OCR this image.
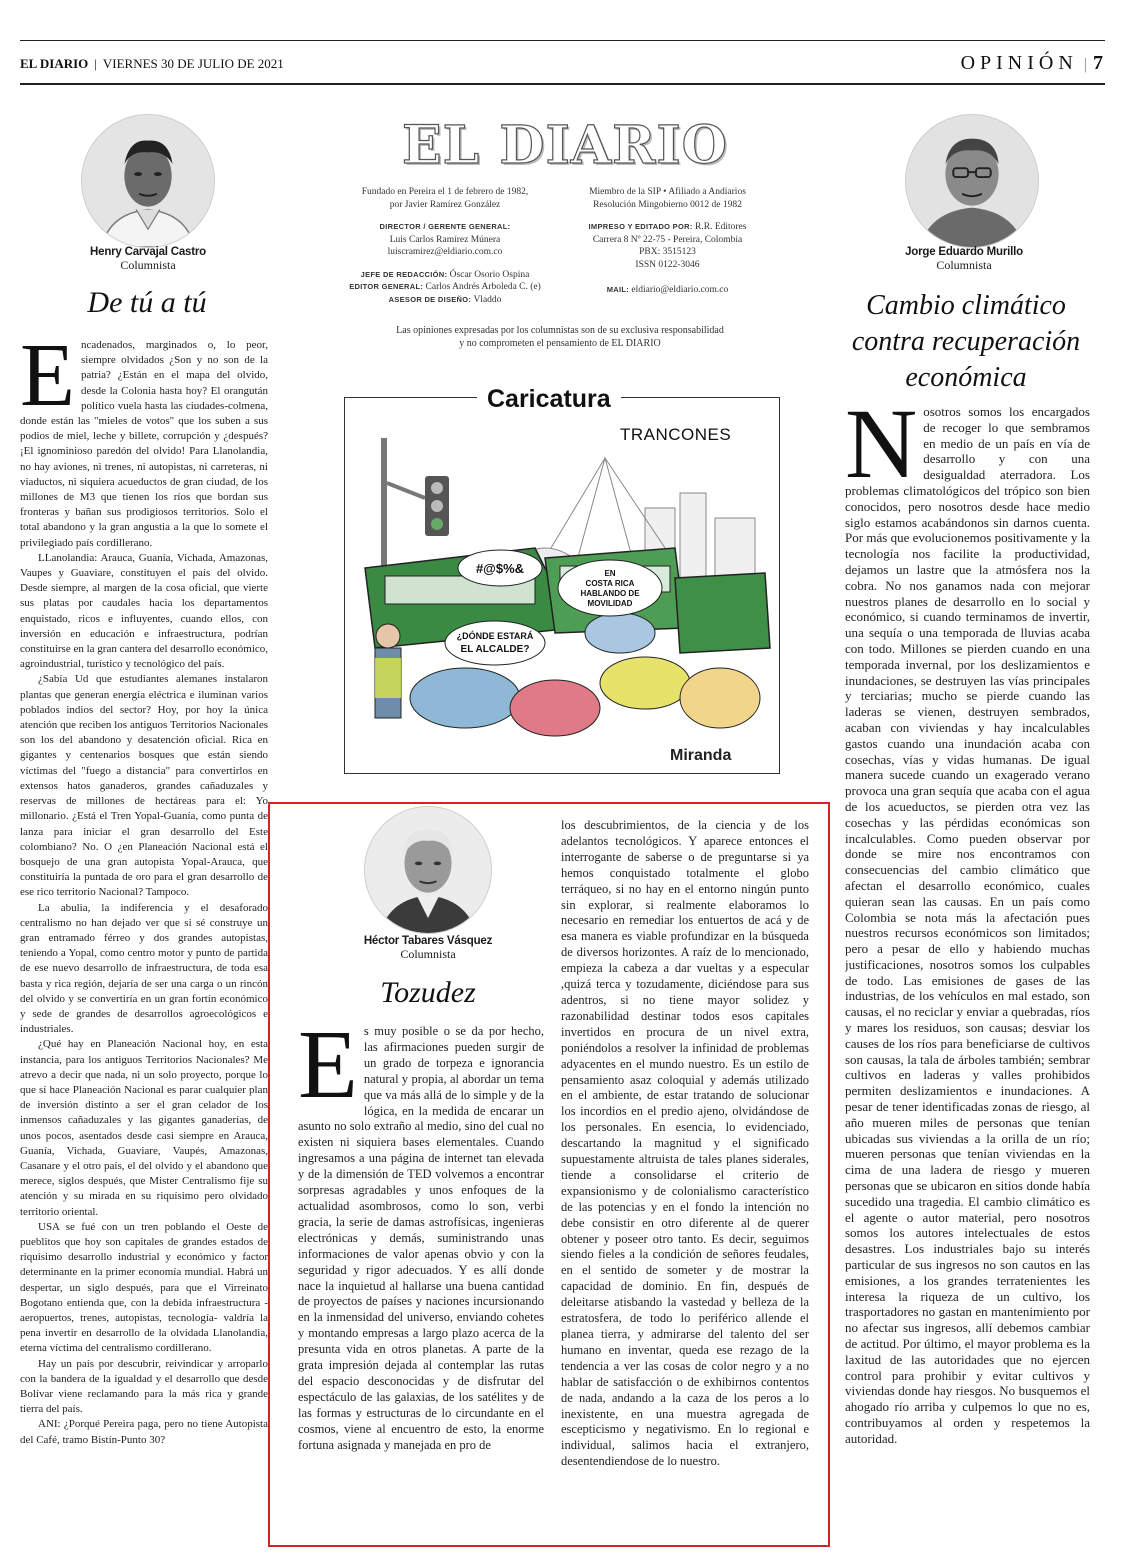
EL DIARIO | VIERNES 30 DE JULIO DE 2021	OPINIÓN | 7
Henry Carvajal Castro
Columnista
De tú a tú
E ncadenados, marginados o, lo peor, siempre olvidados ¿Son y no son de la patria? ¿Están en el mapa del olvido, desde la Colonia hasta hoy? El orangután político vuela hasta las ciudades-colmena, donde están las "mieles de votos" que los suben a sus podios de miel, leche y billete, corrupción y ¿después? ¡El ignominioso paredón del olvido! Para Llanolandia, no hay aviones, ni trenes, ni autopistas, ni carreteras, ni viaductos, ni siquiera acueductos de gran ciudad, de los millones de M3 que tienen los ríos que bordan sus fronteras y bañan sus prodigiosos territorios. Solo el total abandono y la gran angustia a la que lo somete el privilegiado país cordillerano.

LLanolandia: Arauca, Guanía, Vichada, Amazonas, Vaupes y Guaviare, constituyen el país del olvido. Desde siempre, al margen de la cosa oficial, que vierte sus platas por caudales hacia los departamentos enquistado, ricos e influyentes, cuando ellos, con inversión en educación e infraestructura, podrían constituirse en la gran cantera del desarrollo económico, agroindustrial, turístico y tecnológico del país.

¿Sabía Ud que estudiantes alemanes instalaron plantas que generan energía eléctrica e iluminan varios poblados indios del sector? Hoy, por hoy la única atención que reciben los antiguos Territorios Nacionales son los del abandono y desatención oficial. Rica en gigantes y centenarios bosques que están siendo víctimas del "fuego a distancia" para convertirlos en extensos hatos ganaderos, grandes cañaduzales y reservas de millones de hectáreas para el: Yo millonario. ¿Está el Tren Yopal-Guanía, como punta de lanza para iniciar el gran desarrollo del Este colombiano? No. O ¿en Planeación Nacional está el bosquejo de una gran autopista Yopal-Arauca, que constituiría la puntada de oro para el gran desarrollo de ese rico territorio Nacional? Tampoco.

La abulia, la indiferencia y el desaforado centralismo no han dejado ver que si sé construye un gran entramado férreo y dos grandes autopistas, teniendo a Yopal, como centro motor y punto de partida de ese nuevo desarrollo de infraestructura, de toda esa basta y rica región, dejaría de ser una carga o un rincón del olvido y se convertiría en un gran fortín económico y sede de grandes de desarrollos agroecológicos e industriales.

¿Qué hay en Planeación Nacional hoy, en esta instancia, para los antiguos Territorios Nacionales? Me atrevo a decir que nada, ni un solo proyecto, porque lo que sí hace Planeación Nacional es parar cualquier plan de inversión distinto a ser el gran celador de los inmensos cañaduzales y las gigantes ganaderías, de unos pocos, asentados desde casi siempre en Arauca, Guanía, Vichada, Guaviare, Vaupés, Amazonas, Casanare y el otro país, el del olvido y el abandono que merece, siglos después, que Mister Centralismo fije su atención y su mirada en su riquísimo pero olvidado territorio oriental.

USA se fué con un tren poblando el Oeste de pueblitos que hoy son capitales de grandes estados de riquísimo desarrollo industrial y económico y factor determinante en la primer economía mundial. Habrá un despertar, un siglo después, para que el Virreinato Bogotano entienda que, con la debida infraestructura -aeropuertos, trenes, autopistas, tecnología- valdría la pena invertir en desarrollo de la olvidada Llanolandia, eterna víctima del centralismo cordillerano.

Hay un país por descubrir, reivindicar y arroparlo con la bandera de la igualdad y el desarrollo que desde Bolívar viene reclamando para la más rica y grande tierra del país.

ANI: ¿Porqué Pereira paga, pero no tiene Autopista del Café, tramo Bistín-Punto 30?

EL DIARIO
Fundado en Pereira el 1 de febrero de 1982,
por Javier Ramírez González
DIRECTOR / GERENTE GENERAL:
Luis Carlos Ramírez Múnera
luiscramirez@eldiario.com.co
JEFE DE REDACCIÓN: Óscar Osorio Ospina
EDITOR GENERAL: Carlos Andrés Arboleda C. (e)
ASESOR DE DISEÑO: Vladdo
Miembro de la SIP • Afiliado a Andiarios
Resolución Mingobierno 0012 de 1982
IMPRESO Y EDITADO POR: R.R. Editores
Carrera 8 Nº 22-75 - Pereira, Colombia
PBX: 3515123
ISSN 0122-3046
MAIL: eldiario@eldiario.com.co
Las opiniones expresadas por los columnistas son de su exclusiva responsabilidad
y no comprometen el pensamiento de EL DIARIO
#@$%&	EN
COSTA RICA
HABLANDO DE
MOVILIDAD
¿DÓNDE ESTARÁ
EL ALCALDE?
Caricatura
TRANCONES
Miranda
Héctor Tabares Vásquez
Columnista
Tozudez
E s muy posible o se da por hecho, las afirmaciones pueden surgir de un grado de torpeza e ignorancia natural y propia, al abordar un tema que va más allá de lo simple y de la lógica, en la medida de encarar un asunto no solo extraño al medio, sino del cual no existen ni siquiera bases elementales. Cuando ingresamos a una página de internet tan elevada y de la dimensión de TED volvemos a encontrar sorpresas agradables y unos enfoques de la actualidad asombrosos, como lo son, verbi gracia, la serie de damas astrofísicas, ingenieras electrónicas y demás, suministrando unas informaciones de valor apenas obvio y con la seguridad y rigor adecuados. Y es allí donde nace la inquietud al hallarse una buena cantidad de proyectos de países y naciones incursionando en la inmensidad del universo, enviando cohetes y montando empresas a largo plazo acerca de la presunta vida en otros planetas. A parte de la grata impresión dejada al contemplar las rutas del espacio desconocidas y de disfrutar del espectáculo de las galaxias, de los satélites y de las formas y estructuras de lo circundante en el cosmos, viene al encuentro de esto, la enorme fortuna asignada y manejada en pro de

los descubrimientos, de la ciencia y de los adelantos tecnológicos. Y aparece entonces el interrogante de saberse o de preguntarse si ya hemos conquistado totalmente el globo terráqueo, si no hay en el entorno ningún punto sin explorar, si realmente elaboramos lo necesario en remediar los entuertos de acá y de esa manera es viable profundizar en la búsqueda de diversos horizontes. A raíz de lo mencionado, empieza la cabeza a dar vueltas y a especular ,quizá terca y tozudamente, diciéndose para sus adentros, si no tiene mayor solidez y razonabilidad destinar todos esos capitales invertidos en procura de un nivel extra, poniéndolos a resolver la infinidad de problemas adyacentes en el mundo nuestro. Es un estilo de pensamiento asaz coloquial y además utilizado en el ambiente, de estar tratando de solucionar los incordios en el predio ajeno, olvidándose de los personales. En esencia, lo evidenciado, descartando la magnitud y el significado supuestamente altruista de tales planes siderales, tiende a consolidarse el criterio de expansionismo y de colonialismo característico de las potencias y en el fondo la intención no debe consistir en otro diferente al de querer obtener y poseer otro tanto. Es decir, seguimos siendo fieles a la condición de señores feudales, en el sentido de someter y de mostrar la capacidad de dominio. En fin, después de deleitarse atisbando la vastedad y belleza de la estratosfera, de todo lo periférico allende el planea tierra, y admirarse del talento del ser humano en inventar, queda ese rezago de la tendencia a ver las cosas de color negro y a no hablar de satisfacción o de exhibirnos contentos de nada, andando a la caza de los peros a lo inexistente, en una muestra agregada de escepticismo y negativismo. En lo regional e individual, salimos hacia el extranjero, desentendiendose de lo nuestro.

Jorge Eduardo Murillo
Columnista
Cambio climático
contra recuperación
económica
N osotros somos los encargados de recoger lo que sembramos en medio de un país en vía de desarrollo y con una desigualdad aterradora. Los problemas climatológicos del trópico son bien conocidos, pero nosotros desde hace medio siglo estamos acabándonos sin darnos cuenta. Por más que evolucionemos positivamente y la tecnología nos facilite la productividad, dejamos un lastre que la atmósfera nos la cobra. No nos ganamos nada con mejorar nuestros planes de desarrollo en lo social y económico, si cuando terminamos de invertir, una sequía o una temporada de lluvias acaba con todo. Millones se pierden cuando en una temporada invernal, por los deslizamientos e inundaciones, se destruyen las vías principales y terciarias; mucho se pierde cuando las laderas se vienen, destruyen sembrados, acaban con viviendas y hay incalculables gastos cuando una inundación acaba con cosechas, vías y vidas humanas. De igual manera sucede cuando un exagerado verano provoca una gran sequía que acaba con el agua de los acueductos, se pierden otra vez las cosechas y las pérdidas económicas son incalculables. Como pueden observar por donde se mire nos encontramos con consecuencias del cambio climático que afectan el desarrollo económico, cuales quieran sean las causas. En un país como Colombia se nota más la afectación pues nuestros recursos económicos son limitados; pero a pesar de ello y habiendo muchas justificaciones, nosotros somos los culpables de todo. Las emisiones de gases de las industrias, de los vehículos en mal estado, son causas, el no reciclar y enviar a quebradas, ríos y mares los residuos, son causas; desviar los causes de los ríos para beneficiarse de cultivos son causas, la tala de árboles también; sembrar cultivos en laderas y valles prohibidos permiten deslizamientos e inundaciones. A pesar de tener identificadas zonas de riesgo, al año mueren miles de personas que tenían ubicadas sus viviendas a la orilla de un río; mueren personas que tenían viviendas en la cima de una ladera de riesgo y mueren personas que se ubicaron en sitios donde había sucedido una tragedia. El cambio climático es el agente o autor material, pero nosotros somos los autores intelectuales de estos desastres. Los industriales bajo su interés particular de sus ingresos no son cautos en las emisiones, a los grandes terratenientes les interesa la riqueza de un cultivo, los trasportadores no gastan en mantenimiento por no afectar sus ingresos, allí debemos cambiar de actitud. Por último, el mayor problema es la laxitud de las autoridades que no ejercen control para prohibir y evitar cultivos y viviendas donde hay riesgos. No busquemos el ahogado río arriba y culpemos lo que no es, contribuyamos al orden y respetemos la autoridad.
